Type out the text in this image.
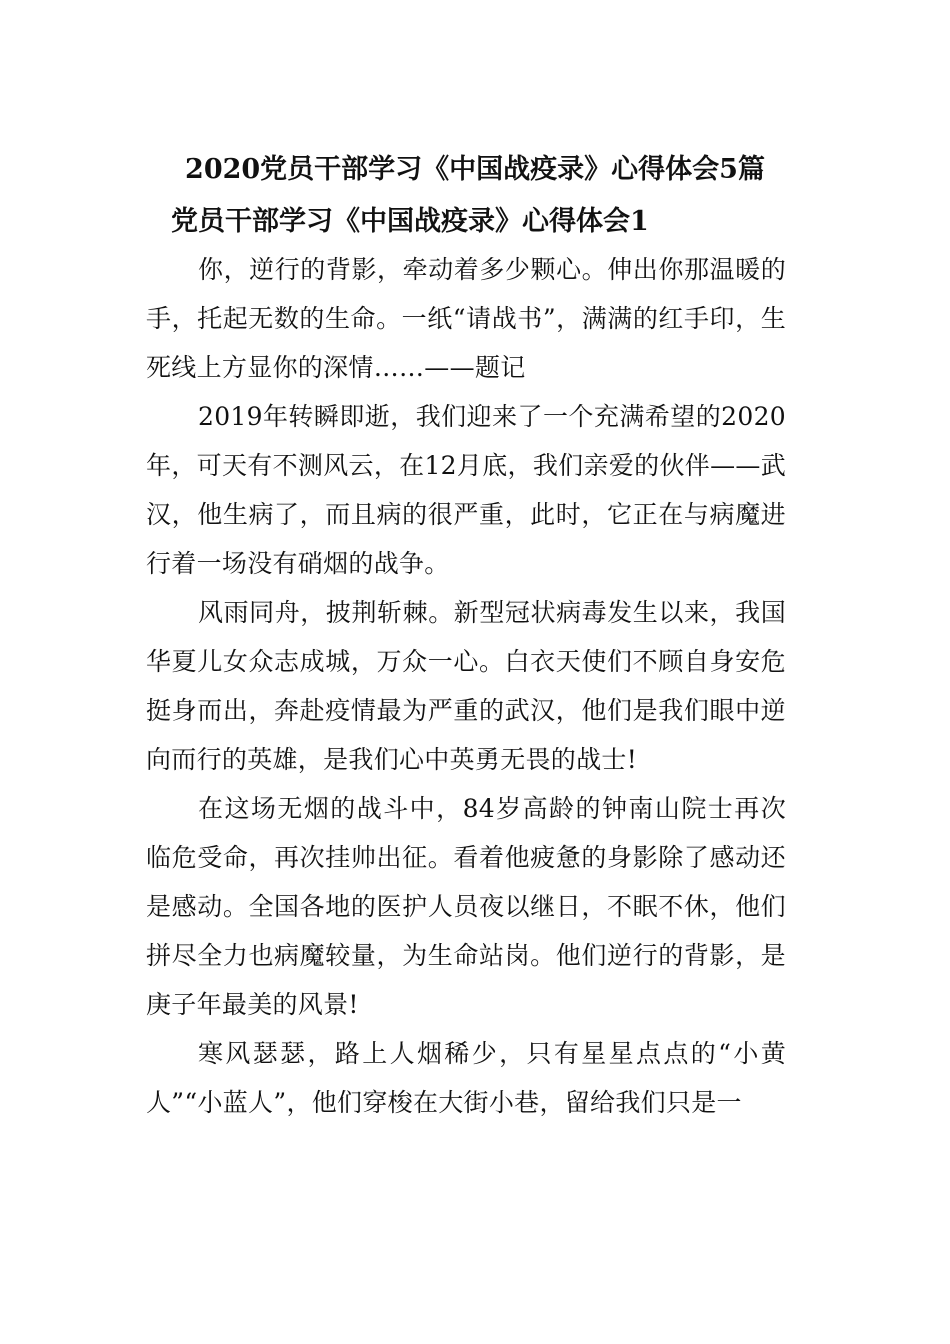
2020党员干部学习《中国战疫录》心得体会5篇
党员干部学习《中国战疫录》心得体会1

你，逆行的背影，牵动着多少颗心。伸出你那温暖的手，托起无数的生命。一纸“请战书”，满满的红手印，生死线上方显你的深情……——题记

2019年转瞬即逝，我们迎来了一个充满希望的2020年，可天有不测风云，在12月底，我们亲爱的伙伴——武汉，他生病了，而且病的很严重，此时，它正在与病魔进行着一场没有硝烟的战争。

风雨同舟，披荆斩棘。新型冠状病毒发生以来，我国华夏儿女众志成城，万众一心。白衣天使们不顾自身安危挺身而出，奔赴疫情最为严重的武汉，他们是我们眼中逆向而行的英雄，是我们心中英勇无畏的战士!

在这场无烟的战斗中，84岁高龄的钟南山院士再次临危受命，再次挂帅出征。看着他疲惫的身影除了感动还是感动。全国各地的医护人员夜以继日，不眠不休，他们拼尽全力也病魔较量，为生命站岗。他们逆行的背影，是庚子年最美的风景!

寒风瑟瑟，路上人烟稀少，只有星星点点的“小黄人”“小蓝人”，他们穿梭在大街小巷，留给我们只是一
